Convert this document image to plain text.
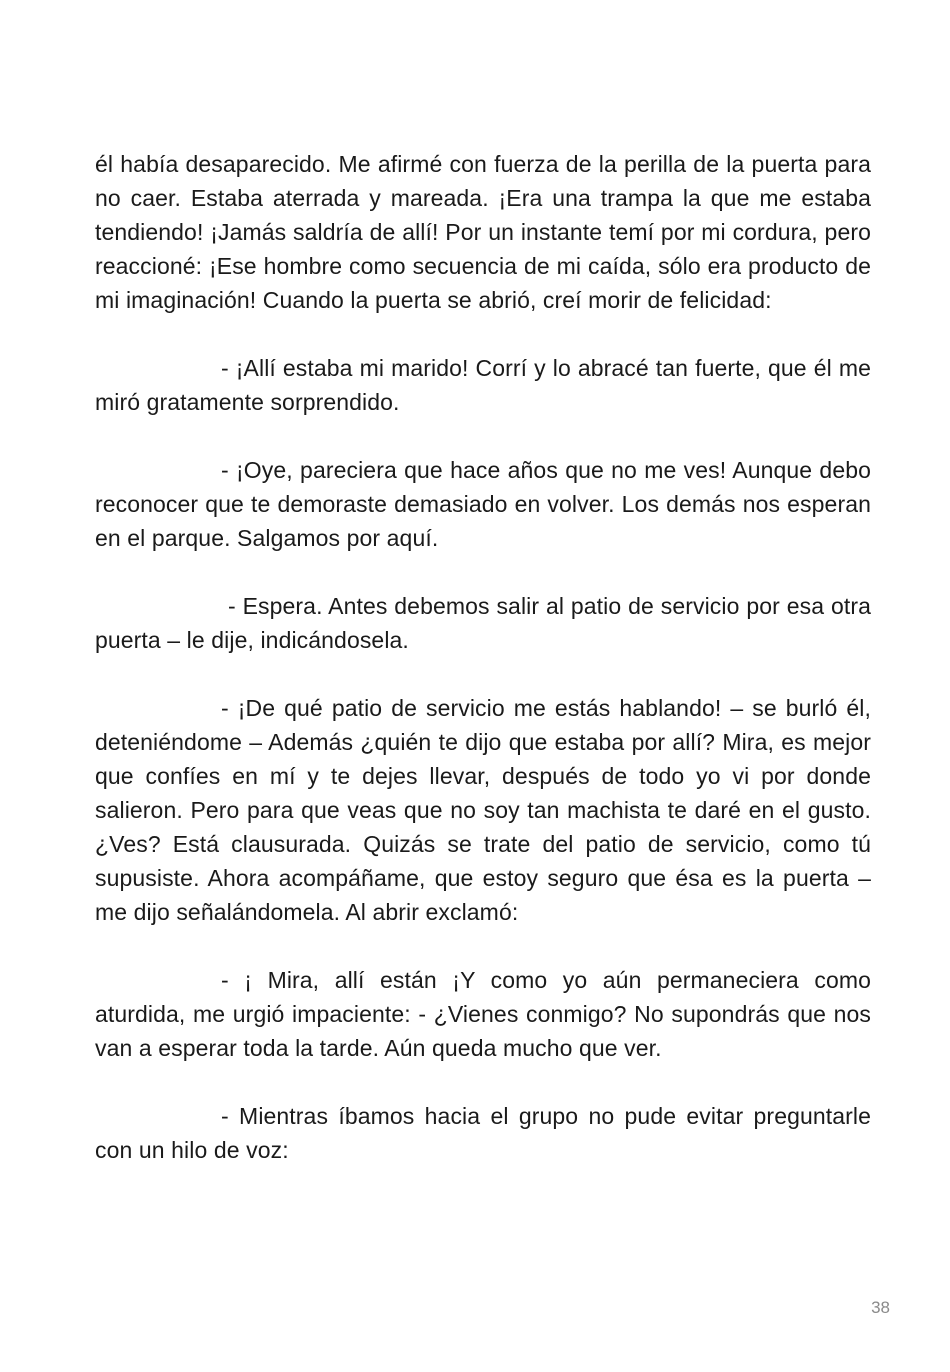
él había desaparecido. Me afirmé con fuerza de la perilla de la puerta para no caer. Estaba aterrada y mareada. ¡Era una trampa la que me estaba tendiendo! ¡Jamás saldría de allí! Por un instante temí por mi cordura, pero reaccioné: ¡Ese hombre como secuencia de mi caída, sólo era producto de mi imaginación! Cuando la puerta se abrió, creí morir de felicidad:

- ¡Allí estaba mi marido! Corrí y lo abracé tan fuerte, que él me miró gratamente sorprendido.

- ¡Oye, pareciera que hace años que no me ves! Aunque debo reconocer que te demoraste demasiado en volver. Los demás nos esperan en el parque. Salgamos por aquí.

- Espera. Antes debemos salir al patio de servicio por esa otra puerta – le dije, indicándosela.

- ¡De qué patio de servicio me estás hablando! – se burló él, deteniéndome – Además ¿quién te dijo que estaba por allí? Mira, es mejor que confíes en mí y te dejes llevar, después de todo yo vi por donde salieron. Pero para que veas que no soy tan machista te daré en el gusto. ¿Ves? Está clausurada. Quizás se trate del patio de servicio, como tú supusiste. Ahora acompáñame, que estoy seguro que ésa es la puerta – me dijo señalándomela. Al abrir exclamó:

- ¡ Mira, allí están ¡Y como yo aún permaneciera como aturdida, me urgió impaciente: - ¿Vienes conmigo? No supondrás que nos van a esperar toda la tarde. Aún queda mucho que ver.

- Mientras íbamos hacia el grupo no pude evitar preguntarle con un hilo de voz:

38
